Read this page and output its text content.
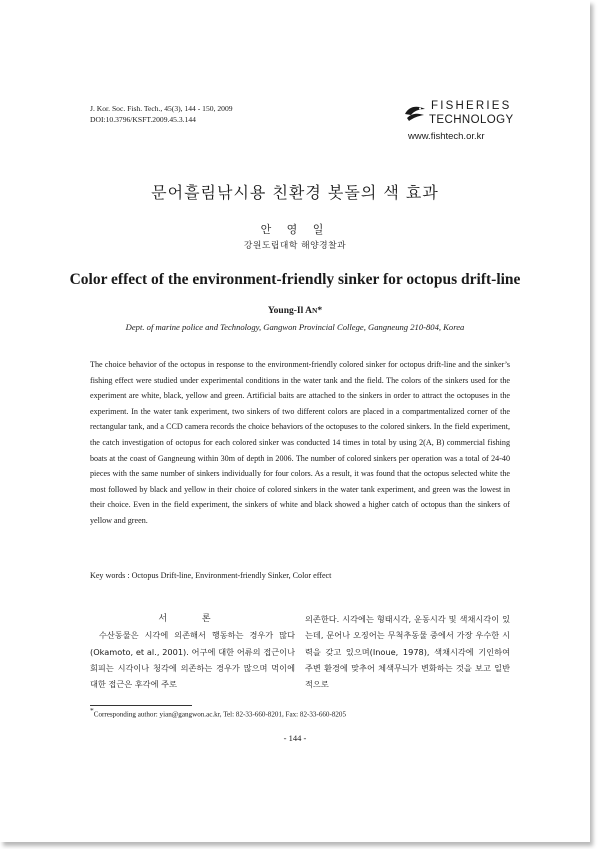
J. Kor. Soc. Fish. Tech., 45(3), 144 - 150, 2009
DOI:10.3796/KSFT.2009.45.3.144
FISHERIES
TECHNOLOGY
www.fishtech.or.kr
문어흘림낚시용 친환경 봇돌의 색 효과
안 영 일
강원도립대학 해양경찰과
Color effect of the environment-friendly sinker for octopus drift-line
Young-Il AN*
Dept. of marine police and Technology, Gangwon Provincial College, Gangneung 210-804, Korea
The choice behavior of the octopus in response to the environment-friendly colored sinker for octopus drift-line and the sinker’s fishing effect were studied under experimental conditions in the water tank and the field. The colors of the sinkers used for the experiment are white, black, yellow and green. Artificial baits are attached to the sinkers in order to attract the octopuses in the experiment. In the water tank experiment, two sinkers of two different colors are placed in a compartmentalized corner of the rectangular tank, and a CCD camera records the choice behaviors of the octopuses to the colored sinkers. In the field experiment, the catch investigation of octopus for each colored sinker was conducted 14 times in total by using 2(A, B) commercial fishing boats at the coast of Gangneung within 30m of depth in 2006. The number of colored sinkers per operation was a total of 24-40 pieces with the same number of sinkers individually for four colors. As a result, it was found that the octopus selected white the most followed by black and yellow in their choice of colored sinkers in the water tank experiment, and green was the lowest in their choice. Even in the field experiment, the sinkers of white and black showed a higher catch of octopus than the sinkers of yellow and green.
Key words : Octopus Drift-line, Environment-friendly Sinker, Color effect
서 론
수산동물은 시각에 의존해서 행동하는 경우가 많다(Okamoto, et al., 2001). 어구에 대한 어류의 접근이나 회피는 시각이나 청각에 의존하는 경우가 많으며 먹이에 대한 접근은 후각에 주로
의존한다. 시각에는 형태시각, 운동시각 및 색채시각이 있는데, 문어나 오징어는 무척추동물 중에서 가장 우수한 시력을 갖고 있으며(Inoue, 1978), 색채시각에 기인하여 주변 환경에 맞추어 체색무늬가 변화하는 것을 보고 일반적으로
*Corresponding author: yian@gangwon.ac.kr, Tel: 82-33-660-8201, Fax: 82-33-660-8205
- 144 -
